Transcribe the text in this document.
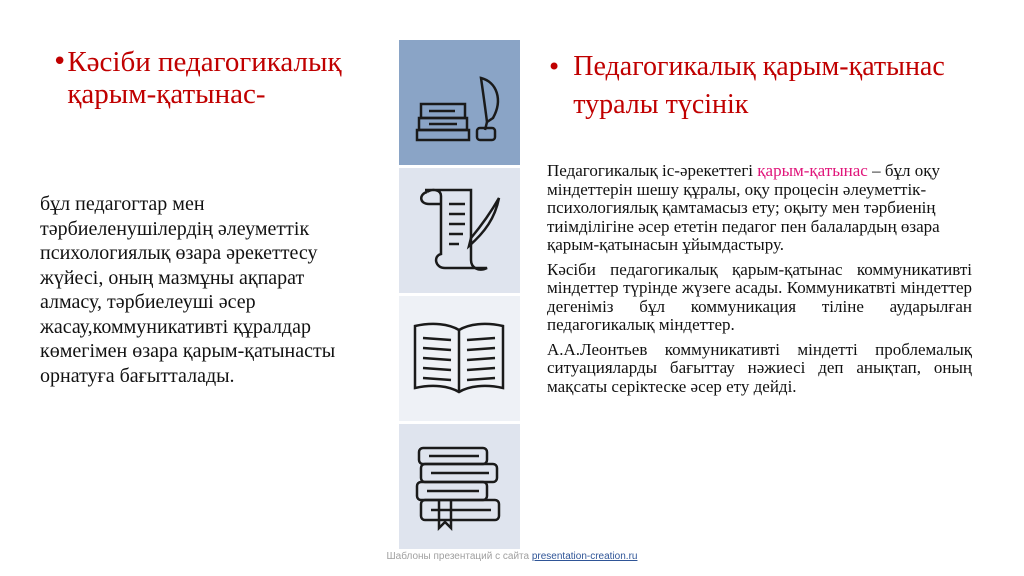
• Кәсіби педагогикалық қарым-қатынас-
бұл педагогтар мен тәрбиеленушілердің әлеуметтік психологиялық өзара әрекеттесу жүйесі, оның мазмұны ақпарат алмасу, тәрбиелеуші әсер жасау,коммуникативті құралдар көмегімен өзара қарым-қатынасты орнатуға бағытталады.
• Педагогикалық қарым-қатынас туралы түсінік

Педагогикалық іс-әрекеттегі қарым-қатынас – бұл оқу міндеттерін шешу құралы, оқу процесін әлеуметтік-психологиялық қамтамасыз ету; оқыту мен тәрбиенің тиімділігіне әсер ететін педагог пен балалардың өзара қарым-қатынасын ұйымдастыру.

Кәсіби педагогикалық қарым-қатынас коммуникативті міндеттер түрінде жүзеге асады. Коммуникатвті міндеттер дегеніміз бұл коммуникация тіліне аударылған педагогикалық міндеттер.

А.А.Леонтьев коммуникативті міндетті проблемалық ситуацияларды бағыттау нәжиесі деп анықтап, оның мақсаты серіктеске әсер ету дейді.

Шаблоны презентаций с сайта presentation-creation.ru
